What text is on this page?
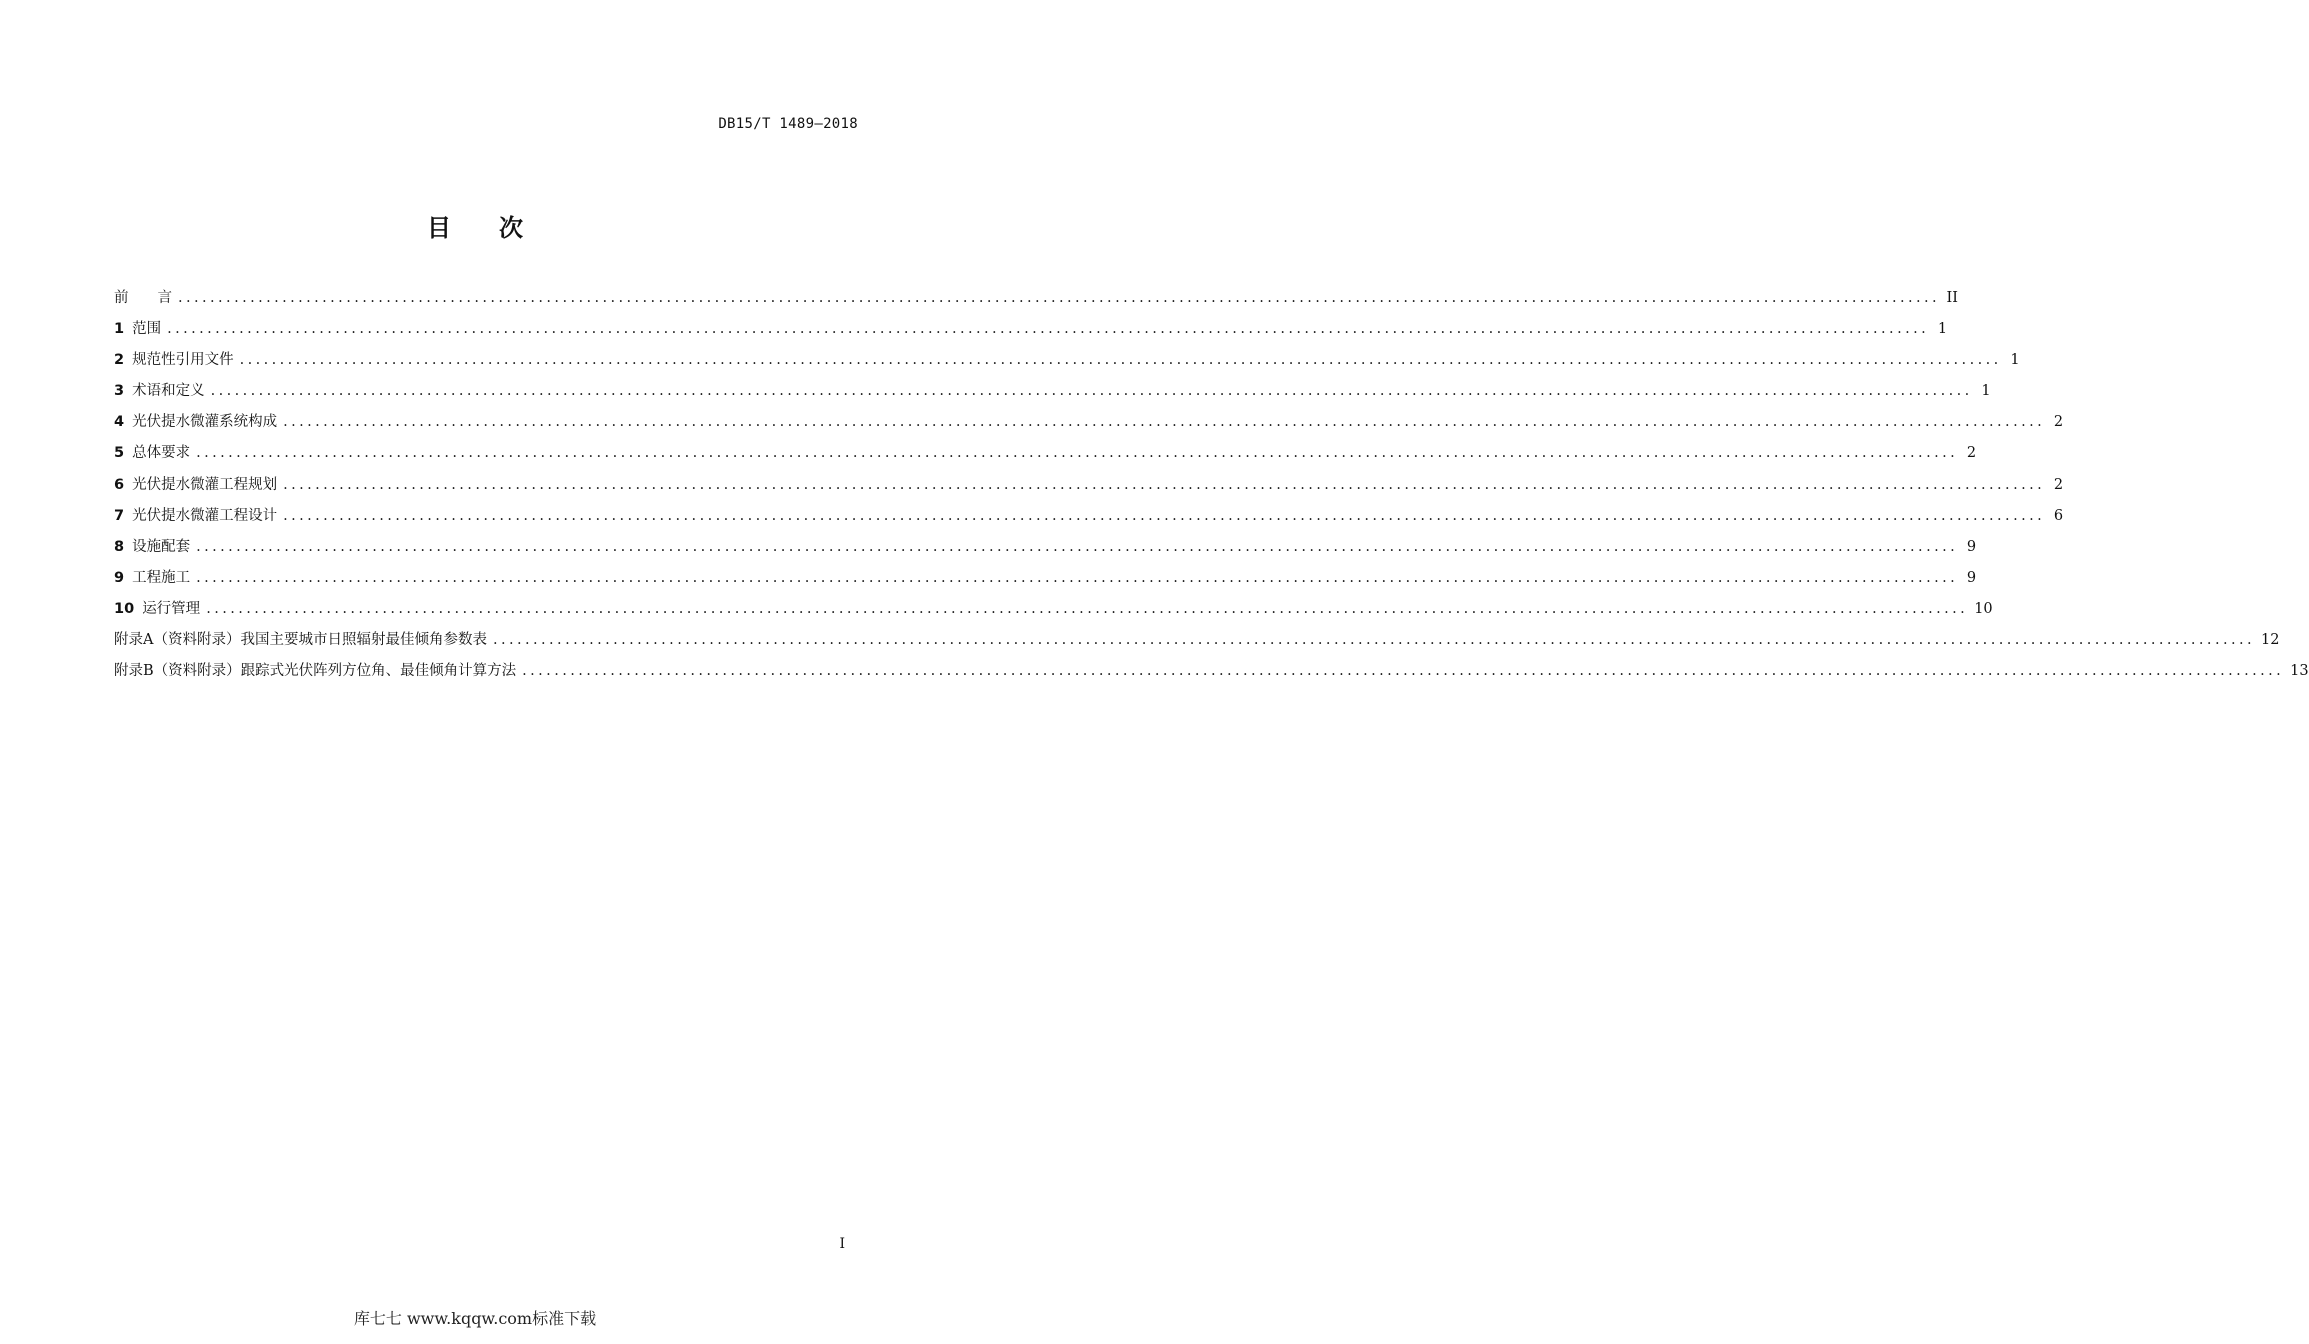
DB15/T 1489—2018
目次
前　　言 ............................................................................................................................................................................................................................ II
1 范围 ............................................................................................................................................................................................................................ 1
2 规范性引用文件 ............................................................................................................................................................................................................................ 1
3 术语和定义 ............................................................................................................................................................................................................................ 1
4 光伏提水微灌系统构成 ............................................................................................................................................................................................................................ 2
5 总体要求 ............................................................................................................................................................................................................................ 2
6 光伏提水微灌工程规划 ............................................................................................................................................................................................................................ 2
7 光伏提水微灌工程设计 ............................................................................................................................................................................................................................ 6
8 设施配套 ............................................................................................................................................................................................................................ 9
9 工程施工 ............................................................................................................................................................................................................................ 9
10 运行管理 ............................................................................................................................................................................................................................ 10
附录A（资料附录）我国主要城市日照辐射最佳倾角参数表 ............................................................................................................................................................................................................................ 12
附录B（资料附录）跟踪式光伏阵列方位角、最佳倾角计算方法 ............................................................................................................................................................................................................................ 13
I
库七七 www.kqqw.com标准下载
